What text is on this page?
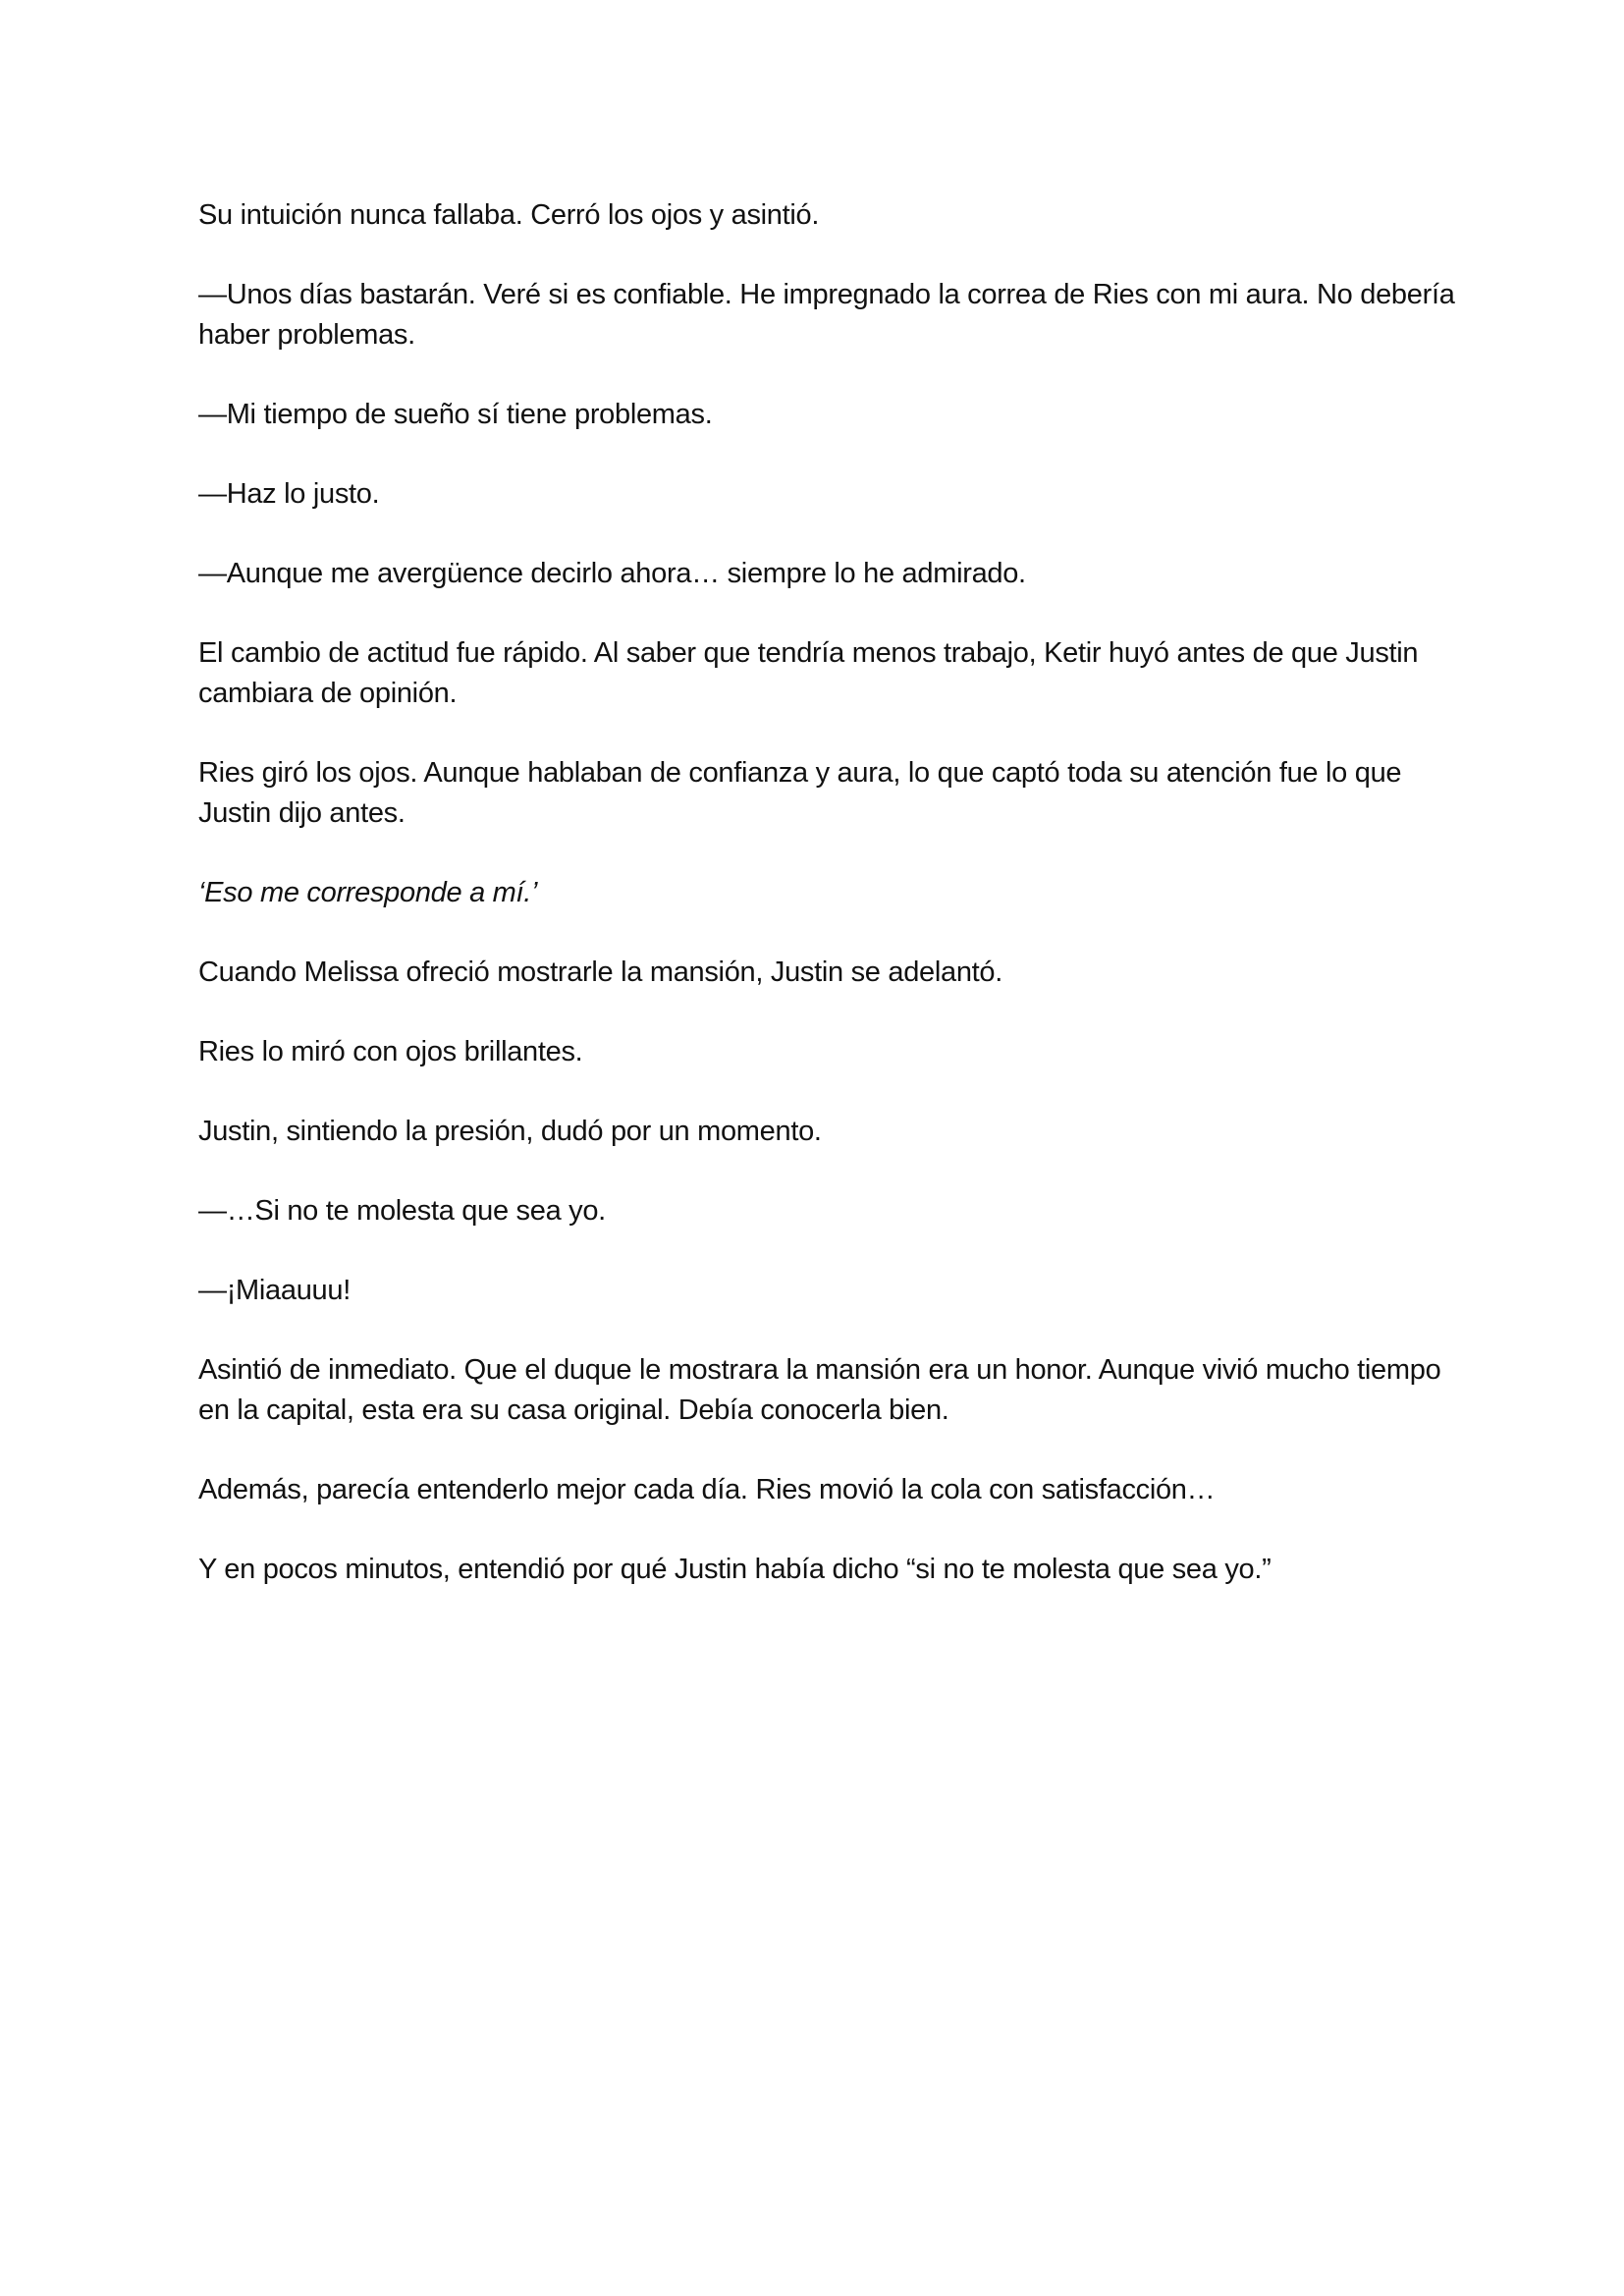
Su intuición nunca fallaba. Cerró los ojos y asintió.

—Unos días bastarán. Veré si es confiable. He impregnado la correa de Ries con mi aura. No debería haber problemas.

—Mi tiempo de sueño sí tiene problemas.

—Haz lo justo.

—Aunque me avergüence decirlo ahora… siempre lo he admirado.

El cambio de actitud fue rápido. Al saber que tendría menos trabajo, Ketir huyó antes de que Justin cambiara de opinión.

Ries giró los ojos. Aunque hablaban de confianza y aura, lo que captó toda su atención fue lo que Justin dijo antes.

‘Eso me corresponde a mí.’

Cuando Melissa ofreció mostrarle la mansión, Justin se adelantó.

Ries lo miró con ojos brillantes.

Justin, sintiendo la presión, dudó por un momento.

—…Si no te molesta que sea yo.

—¡Miaauuu!

Asintió de inmediato. Que el duque le mostrara la mansión era un honor. Aunque vivió mucho tiempo en la capital, esta era su casa original. Debía conocerla bien.

Además, parecía entenderlo mejor cada día. Ries movió la cola con satisfacción…

Y en pocos minutos, entendió por qué Justin había dicho “si no te molesta que sea yo.”
